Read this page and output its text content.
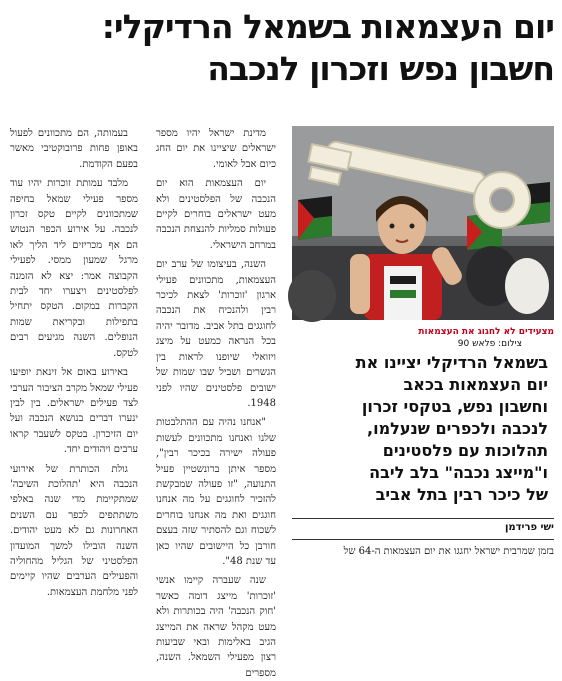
יום העצמאות בשמאל הרדיקלי:
חשבון נפש וזכרון לנכבה

מדינת ישראל יהיו מספר ישראלים שיציינו את יום החג כיום אבל לאומי.

יום העצמאות הוא יום הנכבה של הפלסטינים ולא מעט ישראלים בוחרים לקיים פעולות סמליות להנצחת הנכבה במרחב הישראלי.

השנה, בעיצומו של ערב יום העצמאות, מתכוונים פעילי ארגון 'זוכרות' לצאת לכיכר רבין ולהנכיח את הנכבה לחוגגים בתל אביב. מדובר יהיה בכל הנראה כמעט על מיצג ויזואלי שיופנו לראות בין הגשרים ושביל שבו שמות של ישובים פלסטינים שהיו לפני 1948.

"אנחנו נהיה עם ההתלבטות שלנו ואנחנו מתכוונים לעשות פעולה ישירה בכיכר רבין", מספר איתן ברונשטיין פעיל התנועה, "זו פעולה שמבקשת להזכיר לחוגגים על מה אנחנו חוגגים ואת מה אנחנו בוחרים לשכוח וגם להסתיר שזה בעצם חורבן כל היישובים שהיו כאן עד שנת 48".

שנה שעברה קיימו אנשי 'זוכרות' מייצג דומה כאשר 'חוק הנכבה' היה בכותרות ולא מעט מקהל שראה את המייצג הגיב באלימות ובאי שביעות רצון מפעילי השמאל. השנה, מספרים

בעמותה, הם מתכוונים לפעול באופן פחות פרובוקטיבי מאשר בפעם הקודמת.

מלבד עמותת זוכרות יהיו עוד מספר פעילי שמאל בחיפה שמתכוונים לקיים טקס זכרון לנכבה. על אירוע הכפר הנטוש הם אף מכריזים ליד הליך לאו מרגל שמעון ממסי. לפעילי הקבוצה אמר: יצא לא הזמנה לפלסטינים ויצערו יחד לבית הקברות במקום. הטקס יתחיל בתפילות ובקריאת שמות הנופלים. השנה מגיעים רבים לטקס.

באירוע באום אל זינאת יופיעו פעילי שמאל מקרב הציבור הערבי לצד פעילים ישראלים. בין לבין ינערו דברים בנושא הנכבה ועל יום הזיכרון. בטקס לשעבר קראו ערבים ויהודים יחד.

גולת הכותרת של אירועי הנכבה היא 'תהלוכת השיבה' שמתקיימת מדי שנה באלפי משתתפים לכפר עם השנים האחרונות גם לא מעט יהודים. השנה הובילו למשך המועדון הפלסטיני של הגליל מהחוליה והפעילים הערבים שהיו קיימים לפני מלחמת העצמאות.

מצעידים לא לחגוג את העצמאות
צילום: פלאש 90
בשמאל הרדיקלי יציינו את יום העצמאות בכאב וחשבון נפש, בטקסי זכרון לנכבה ולכפרים שנעלמו, תהלוכות עם פלסטינים ו"מייצג נכבה" בלב ליבה של כיכר רבין בתל אביב
ישי פרידמן

בזמן שמרבית ישראל יחגגו את יום העצמאות ה-64 של
